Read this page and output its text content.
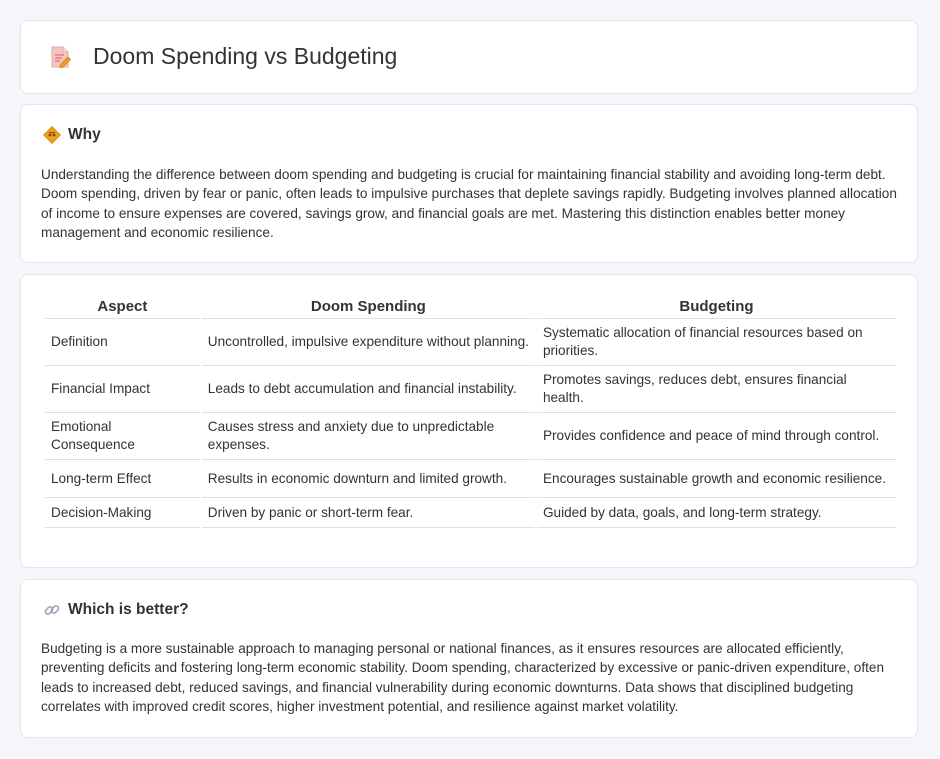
Doom Spending vs Budgeting
Why

Understanding the difference between doom spending and budgeting is crucial for maintaining financial stability and avoiding long-term debt. Doom spending, driven by fear or panic, often leads to impulsive purchases that deplete savings rapidly. Budgeting involves planned allocation of income to ensure expenses are covered, savings grow, and financial goals are met. Mastering this distinction enables better money management and economic resilience.

Aspect	Doom Spending	Budgeting
Definition	Uncontrolled, impulsive expenditure without planning.	Systematic allocation of financial resources based on priorities.
Financial Impact	Leads to debt accumulation and financial instability.	Promotes savings, reduces debt, ensures financial health.
Emotional Consequence	Causes stress and anxiety due to unpredictable expenses.	Provides confidence and peace of mind through control.
Long-term Effect	Results in economic downturn and limited growth.	Encourages sustainable growth and economic resilience.
Decision-Making	Driven by panic or short-term fear.	Guided by data, goals, and long-term strategy.
Which is better?

Budgeting is a more sustainable approach to managing personal or national finances, as it ensures resources are allocated efficiently, preventing deficits and fostering long-term economic stability. Doom spending, characterized by excessive or panic-driven expenditure, often leads to increased debt, reduced savings, and financial vulnerability during economic downturns. Data shows that disciplined budgeting correlates with improved credit scores, higher investment potential, and resilience against market volatility.
